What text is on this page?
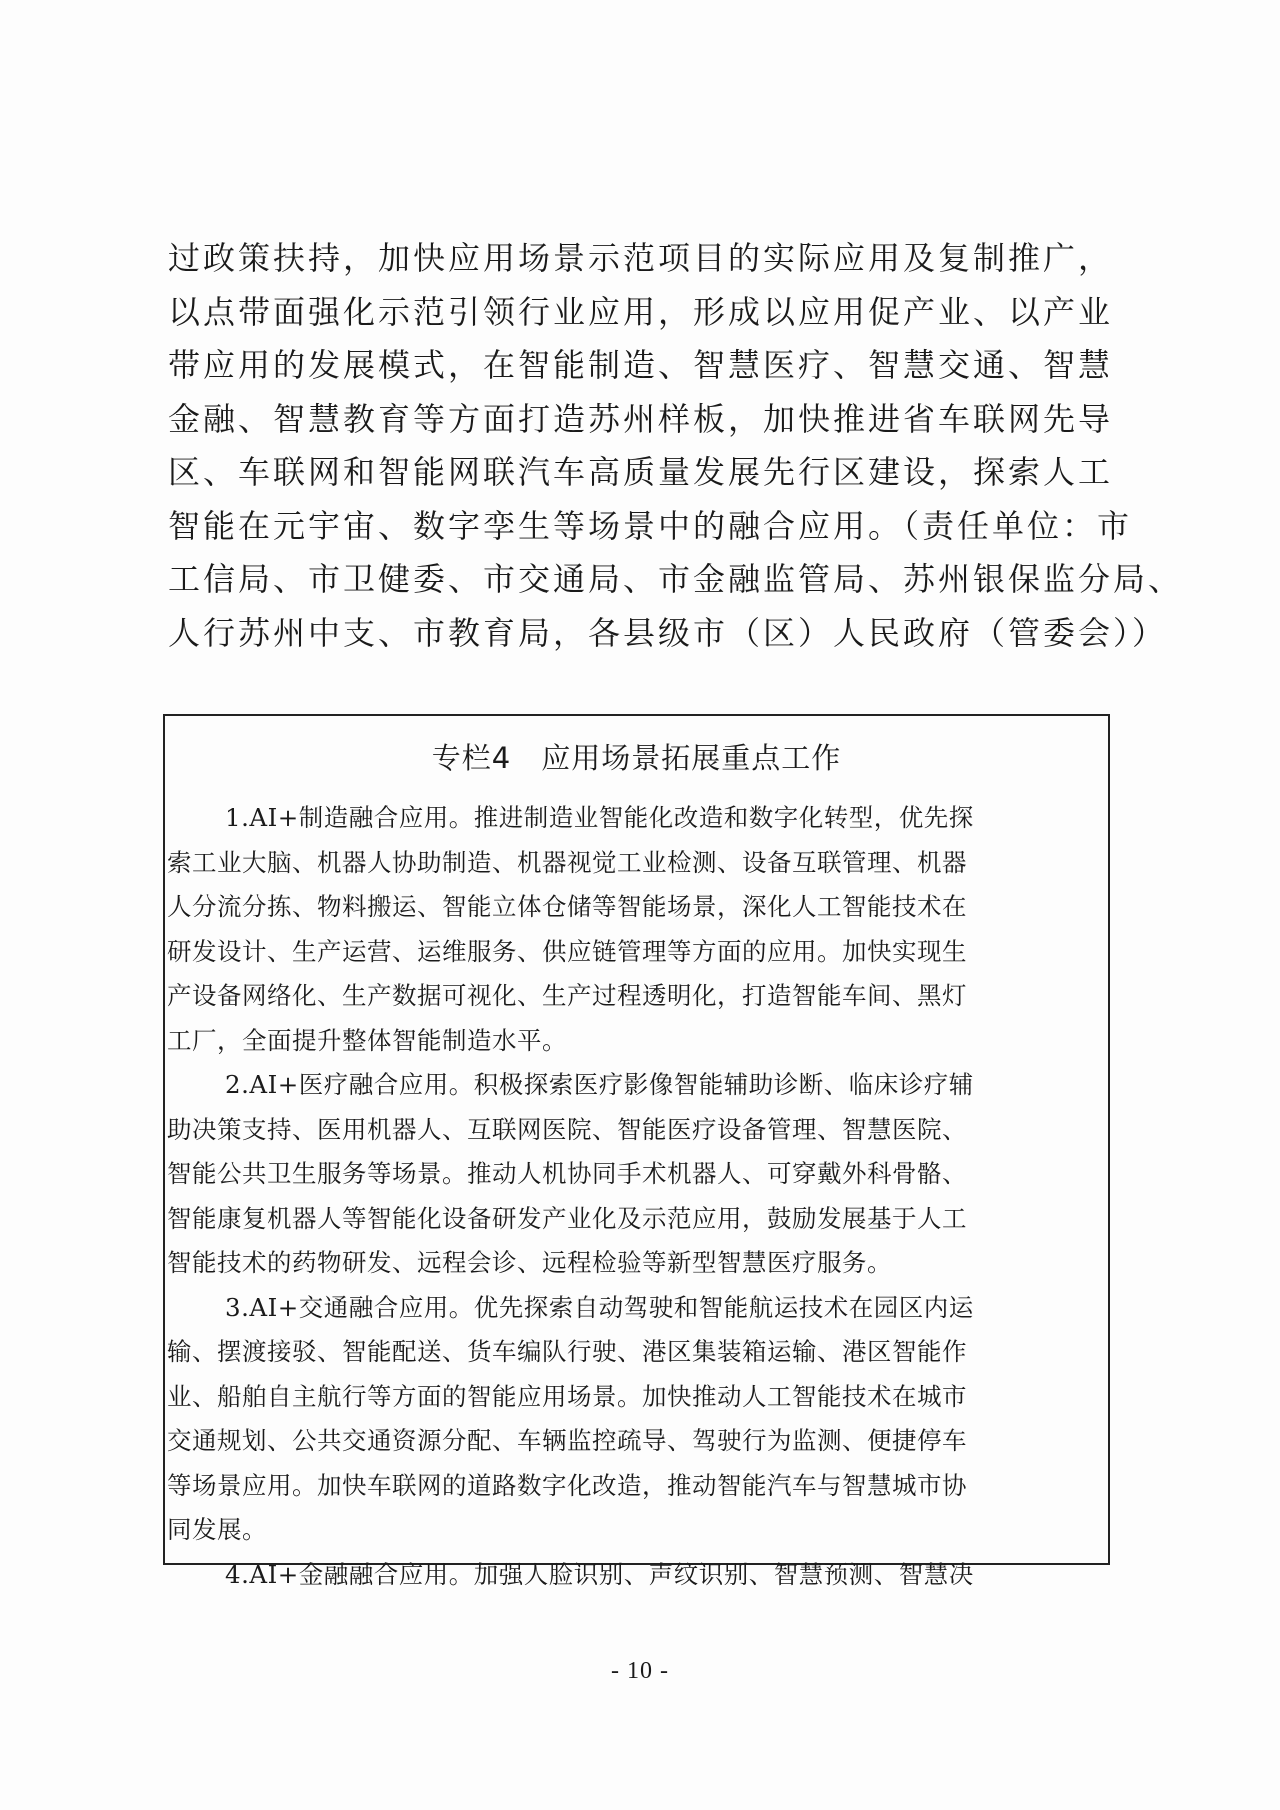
过政策扶持，加快应用场景示范项目的实际应用及复制推广，
以点带面强化示范引领行业应用，形成以应用促产业、以产业
带应用的发展模式，在智能制造、智慧医疗、智慧交通、智慧
金融、智慧教育等方面打造苏州样板，加快推进省车联网先导
区、车联网和智能网联汽车高质量发展先行区建设，探索人工
智能在元宇宙、数字孪生等场景中的融合应用。（责任单位：市
工信局、市卫健委、市交通局、市金融监管局、苏州银保监分局、
人行苏州中支、市教育局，各县级市（区）人民政府（管委会））
专栏4　应用场景拓展重点工作
1.AI+制造融合应用。推进制造业智能化改造和数字化转型，优先探
索工业大脑、机器人协助制造、机器视觉工业检测、设备互联管理、机器
人分流分拣、物料搬运、智能立体仓储等智能场景，深化人工智能技术在
研发设计、生产运营、运维服务、供应链管理等方面的应用。加快实现生
产设备网络化、生产数据可视化、生产过程透明化，打造智能车间、黑灯
工厂，全面提升整体智能制造水平。
2.AI+医疗融合应用。积极探索医疗影像智能辅助诊断、临床诊疗辅
助决策支持、医用机器人、互联网医院、智能医疗设备管理、智慧医院、
智能公共卫生服务等场景。推动人机协同手术机器人、可穿戴外科骨骼、
智能康复机器人等智能化设备研发产业化及示范应用，鼓励发展基于人工
智能技术的药物研发、远程会诊、远程检验等新型智慧医疗服务。
3.AI+交通融合应用。优先探索自动驾驶和智能航运技术在园区内运
输、摆渡接驳、智能配送、货车编队行驶、港区集装箱运输、港区智能作
业、船舶自主航行等方面的智能应用场景。加快推动人工智能技术在城市
交通规划、公共交通资源分配、车辆监控疏导、驾驶行为监测、便捷停车
等场景应用。加快车联网的道路数字化改造，推动智能汽车与智慧城市协
同发展。
4.AI+金融融合应用。加强人脸识别、声纹识别、智慧预测、智慧决
- 10 -
